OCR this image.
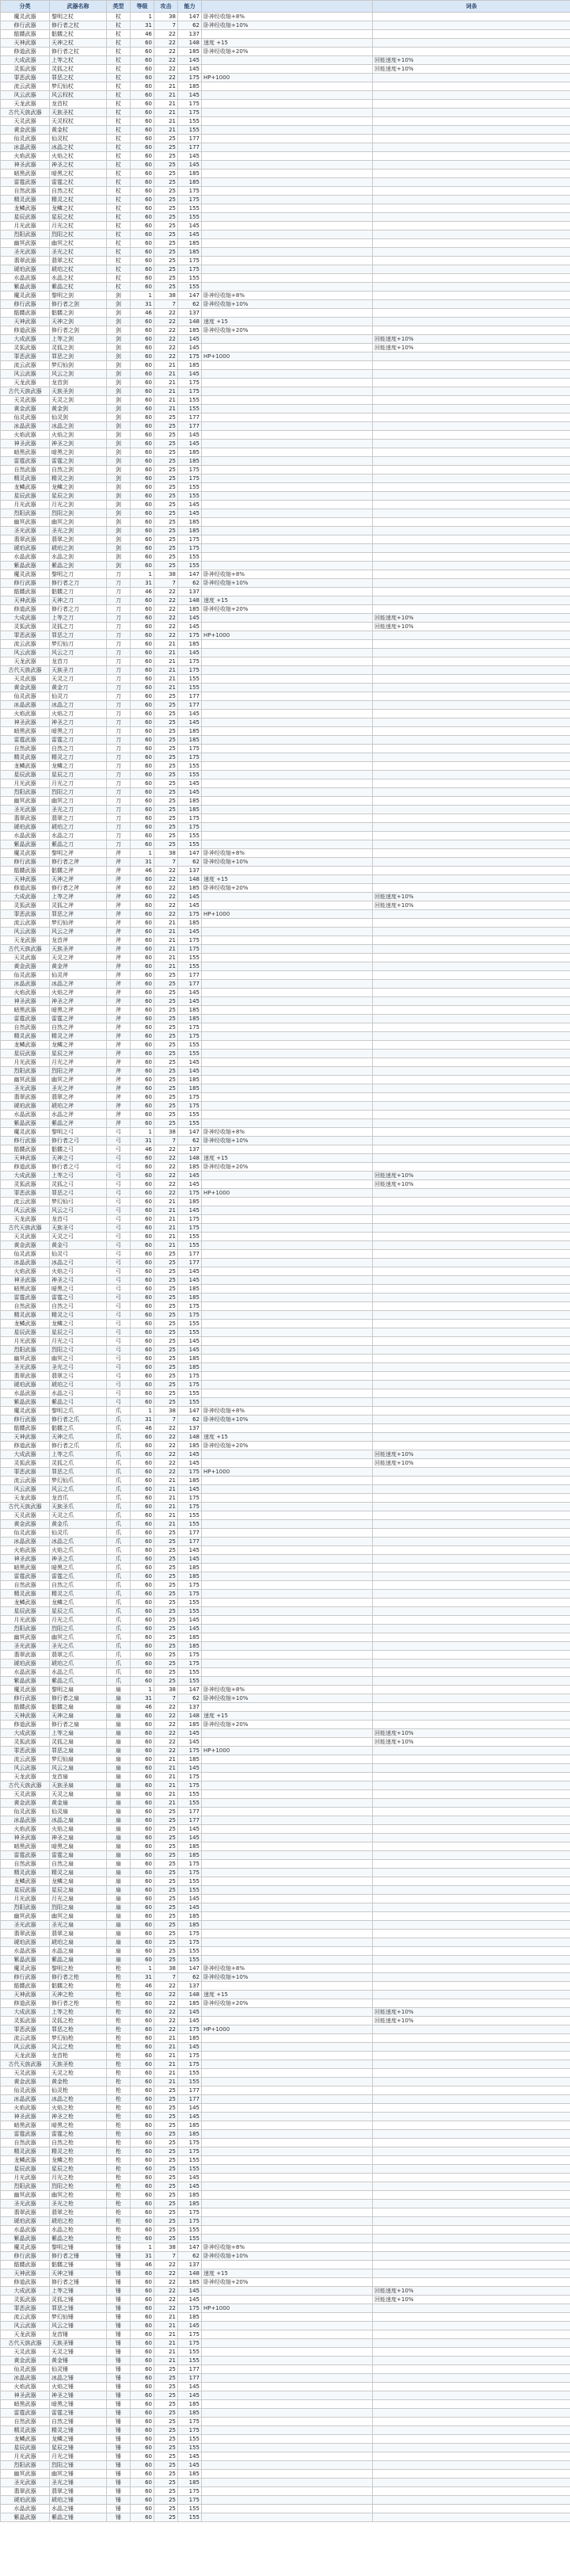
分类	武器名称	类型	等级	攻击	能力		词条
魔灵武器	黎明之杖	杖	1	38	147	卧神经收缩+8%	
修行武器	修行者之杖	杖	31	7	62	卧神经收缩+10%	
骷髅武器	骷髅之杖	杖	46	22	137		
天神武器	天神之杖	杖	60	22	148	速度 +15	
修道武器	修行者之杖	杖	60	22	185	卧神经收缩+20%	
大成武器	上等之杖	杖	60	22	145		回能速度+10%
灵狐武器	灵狐之杖	杖	60	22	145		回能速度+10%
罪恶武器	罪恶之杖	杖	60	22	175	HP+1000	
流云武器	梦幻仙杖	杖	60	21	185		
风云武器	风云权杖	杖	60	21	145		
天龙武器	龙首杖	杖	60	21	175		
古代天族武器	天族圣杖	杖	60	21	175		
天灵武器	天灵权杖	杖	60	21	155		
黄金武器	黄金杖	杖	60	21	155		
仙灵武器	仙灵杖	杖	60	25	177		
冰晶武器	冰晶之杖	杖	60	25	177		
火焰武器	火焰之杖	杖	60	25	145		
神圣武器	神圣之杖	杖	60	25	145		
暗黑武器	暗黑之杖	杖	60	25	185		
雷霆武器	雷霆之杖	杖	60	25	185		
自然武器	自然之杖	杖	60	25	175		
精灵武器	精灵之杖	杖	60	25	175		
龙鳞武器	龙鳞之杖	杖	60	25	155		
星辰武器	星辰之杖	杖	60	25	155		
月光武器	月光之杖	杖	60	25	145		
烈阳武器	烈阳之杖	杖	60	25	145		
幽冥武器	幽冥之杖	杖	60	25	185		
圣光武器	圣光之杖	杖	60	25	185		
翡翠武器	翡翠之杖	杖	60	25	175		
琥珀武器	琥珀之杖	杖	60	25	175		
水晶武器	水晶之杖	杖	60	25	155		
紫晶武器	紫晶之杖	杖	60	25	155		
魔灵武器	黎明之剑	剑	1	38	147	卧神经收缩+8%	
修行武器	修行者之剑	剑	31	7	62	卧神经收缩+10%	
骷髅武器	骷髅之剑	剑	46	22	137		
天神武器	天神之剑	剑	60	22	148	速度 +15	
修道武器	修行者之剑	剑	60	22	185	卧神经收缩+20%	
大成武器	上等之剑	剑	60	22	145		回能速度+10%
灵狐武器	灵狐之剑	剑	60	22	145		回能速度+10%
罪恶武器	罪恶之剑	剑	60	22	175	HP+1000	
流云武器	梦幻仙剑	剑	60	21	185		
风云武器	风云之剑	剑	60	21	145		
天龙武器	龙首剑	剑	60	21	175		
古代天族武器	天族圣剑	剑	60	21	175		
天灵武器	天灵之剑	剑	60	21	155		
黄金武器	黄金剑	剑	60	21	155		
仙灵武器	仙灵剑	剑	60	25	177		
冰晶武器	冰晶之剑	剑	60	25	177		
火焰武器	火焰之剑	剑	60	25	145		
神圣武器	神圣之剑	剑	60	25	145		
暗黑武器	暗黑之剑	剑	60	25	185		
雷霆武器	雷霆之剑	剑	60	25	185		
自然武器	自然之剑	剑	60	25	175		
精灵武器	精灵之剑	剑	60	25	175		
龙鳞武器	龙鳞之剑	剑	60	25	155		
星辰武器	星辰之剑	剑	60	25	155		
月光武器	月光之剑	剑	60	25	145		
烈阳武器	烈阳之剑	剑	60	25	145		
幽冥武器	幽冥之剑	剑	60	25	185		
圣光武器	圣光之剑	剑	60	25	185		
翡翠武器	翡翠之剑	剑	60	25	175		
琥珀武器	琥珀之剑	剑	60	25	175		
水晶武器	水晶之剑	剑	60	25	155		
紫晶武器	紫晶之剑	剑	60	25	155		
魔灵武器	黎明之刀	刀	1	38	147	卧神经收缩+8%	
修行武器	修行者之刀	刀	31	7	62	卧神经收缩+10%	
骷髅武器	骷髅之刀	刀	46	22	137		
天神武器	天神之刀	刀	60	22	148	速度 +15	
修道武器	修行者之刀	刀	60	22	185	卧神经收缩+20%	
大成武器	上等之刀	刀	60	22	145		回能速度+10%
灵狐武器	灵狐之刀	刀	60	22	145		回能速度+10%
罪恶武器	罪恶之刀	刀	60	22	175	HP+1000	
流云武器	梦幻仙刀	刀	60	21	185		
风云武器	风云之刀	刀	60	21	145		
天龙武器	龙首刀	刀	60	21	175		
古代天族武器	天族圣刀	刀	60	21	175		
天灵武器	天灵之刀	刀	60	21	155		
黄金武器	黄金刀	刀	60	21	155		
仙灵武器	仙灵刀	刀	60	25	177		
冰晶武器	冰晶之刀	刀	60	25	177		
火焰武器	火焰之刀	刀	60	25	145		
神圣武器	神圣之刀	刀	60	25	145		
暗黑武器	暗黑之刀	刀	60	25	185		
雷霆武器	雷霆之刀	刀	60	25	185		
自然武器	自然之刀	刀	60	25	175		
精灵武器	精灵之刀	刀	60	25	175		
龙鳞武器	龙鳞之刀	刀	60	25	155		
星辰武器	星辰之刀	刀	60	25	155		
月光武器	月光之刀	刀	60	25	145		
烈阳武器	烈阳之刀	刀	60	25	145		
幽冥武器	幽冥之刀	刀	60	25	185		
圣光武器	圣光之刀	刀	60	25	185		
翡翠武器	翡翠之刀	刀	60	25	175		
琥珀武器	琥珀之刀	刀	60	25	175		
水晶武器	水晶之刀	刀	60	25	155		
紫晶武器	紫晶之刀	刀	60	25	155		
魔灵武器	黎明之斧	斧	1	38	147	卧神经收缩+8%	
修行武器	修行者之斧	斧	31	7	62	卧神经收缩+10%	
骷髅武器	骷髅之斧	斧	46	22	137		
天神武器	天神之斧	斧	60	22	148	速度 +15	
修道武器	修行者之斧	斧	60	22	185	卧神经收缩+20%	
大成武器	上等之斧	斧	60	22	145		回能速度+10%
灵狐武器	灵狐之斧	斧	60	22	145		回能速度+10%
罪恶武器	罪恶之斧	斧	60	22	175	HP+1000	
流云武器	梦幻仙斧	斧	60	21	185		
风云武器	风云之斧	斧	60	21	145		
天龙武器	龙首斧	斧	60	21	175		
古代天族武器	天族圣斧	斧	60	21	175		
天灵武器	天灵之斧	斧	60	21	155		
黄金武器	黄金斧	斧	60	21	155		
仙灵武器	仙灵斧	斧	60	25	177		
冰晶武器	冰晶之斧	斧	60	25	177		
火焰武器	火焰之斧	斧	60	25	145		
神圣武器	神圣之斧	斧	60	25	145		
暗黑武器	暗黑之斧	斧	60	25	185		
雷霆武器	雷霆之斧	斧	60	25	185		
自然武器	自然之斧	斧	60	25	175		
精灵武器	精灵之斧	斧	60	25	175		
龙鳞武器	龙鳞之斧	斧	60	25	155		
星辰武器	星辰之斧	斧	60	25	155		
月光武器	月光之斧	斧	60	25	145		
烈阳武器	烈阳之斧	斧	60	25	145		
幽冥武器	幽冥之斧	斧	60	25	185		
圣光武器	圣光之斧	斧	60	25	185		
翡翠武器	翡翠之斧	斧	60	25	175		
琥珀武器	琥珀之斧	斧	60	25	175		
水晶武器	水晶之斧	斧	60	25	155		
紫晶武器	紫晶之斧	斧	60	25	155		
魔灵武器	黎明之弓	弓	1	38	147	卧神经收缩+8%	
修行武器	修行者之弓	弓	31	7	62	卧神经收缩+10%	
骷髅武器	骷髅之弓	弓	46	22	137		
天神武器	天神之弓	弓	60	22	148	速度 +15	
修道武器	修行者之弓	弓	60	22	185	卧神经收缩+20%	
大成武器	上等之弓	弓	60	22	145		回能速度+10%
灵狐武器	灵狐之弓	弓	60	22	145		回能速度+10%
罪恶武器	罪恶之弓	弓	60	22	175	HP+1000	
流云武器	梦幻仙弓	弓	60	21	185		
风云武器	风云之弓	弓	60	21	145		
天龙武器	龙首弓	弓	60	21	175		
古代天族武器	天族圣弓	弓	60	21	175		
天灵武器	天灵之弓	弓	60	21	155		
黄金武器	黄金弓	弓	60	21	155		
仙灵武器	仙灵弓	弓	60	25	177		
冰晶武器	冰晶之弓	弓	60	25	177		
火焰武器	火焰之弓	弓	60	25	145		
神圣武器	神圣之弓	弓	60	25	145		
暗黑武器	暗黑之弓	弓	60	25	185		
雷霆武器	雷霆之弓	弓	60	25	185		
自然武器	自然之弓	弓	60	25	175		
精灵武器	精灵之弓	弓	60	25	175		
龙鳞武器	龙鳞之弓	弓	60	25	155		
星辰武器	星辰之弓	弓	60	25	155		
月光武器	月光之弓	弓	60	25	145		
烈阳武器	烈阳之弓	弓	60	25	145		
幽冥武器	幽冥之弓	弓	60	25	185		
圣光武器	圣光之弓	弓	60	25	185		
翡翠武器	翡翠之弓	弓	60	25	175		
琥珀武器	琥珀之弓	弓	60	25	175		
水晶武器	水晶之弓	弓	60	25	155		
紫晶武器	紫晶之弓	弓	60	25	155		
魔灵武器	黎明之爪	爪	1	38	147	卧神经收缩+8%	
修行武器	修行者之爪	爪	31	7	62	卧神经收缩+10%	
骷髅武器	骷髅之爪	爪	46	22	137		
天神武器	天神之爪	爪	60	22	148	速度 +15	
修道武器	修行者之爪	爪	60	22	185	卧神经收缩+20%	
大成武器	上等之爪	爪	60	22	145		回能速度+10%
灵狐武器	灵狐之爪	爪	60	22	145		回能速度+10%
罪恶武器	罪恶之爪	爪	60	22	175	HP+1000	
流云武器	梦幻仙爪	爪	60	21	185		
风云武器	风云之爪	爪	60	21	145		
天龙武器	龙首爪	爪	60	21	175		
古代天族武器	天族圣爪	爪	60	21	175		
天灵武器	天灵之爪	爪	60	21	155		
黄金武器	黄金爪	爪	60	21	155		
仙灵武器	仙灵爪	爪	60	25	177		
冰晶武器	冰晶之爪	爪	60	25	177		
火焰武器	火焰之爪	爪	60	25	145		
神圣武器	神圣之爪	爪	60	25	145		
暗黑武器	暗黑之爪	爪	60	25	185		
雷霆武器	雷霆之爪	爪	60	25	185		
自然武器	自然之爪	爪	60	25	175		
精灵武器	精灵之爪	爪	60	25	175		
龙鳞武器	龙鳞之爪	爪	60	25	155		
星辰武器	星辰之爪	爪	60	25	155		
月光武器	月光之爪	爪	60	25	145		
烈阳武器	烈阳之爪	爪	60	25	145		
幽冥武器	幽冥之爪	爪	60	25	185		
圣光武器	圣光之爪	爪	60	25	185		
翡翠武器	翡翠之爪	爪	60	25	175		
琥珀武器	琥珀之爪	爪	60	25	175		
水晶武器	水晶之爪	爪	60	25	155		
紫晶武器	紫晶之爪	爪	60	25	155		
魔灵武器	黎明之扇	扇	1	38	147	卧神经收缩+8%	
修行武器	修行者之扇	扇	31	7	62	卧神经收缩+10%	
骷髅武器	骷髅之扇	扇	46	22	137		
天神武器	天神之扇	扇	60	22	148	速度 +15	
修道武器	修行者之扇	扇	60	22	185	卧神经收缩+20%	
大成武器	上等之扇	扇	60	22	145		回能速度+10%
灵狐武器	灵狐之扇	扇	60	22	145		回能速度+10%
罪恶武器	罪恶之扇	扇	60	22	175	HP+1000	
流云武器	梦幻仙扇	扇	60	21	185		
风云武器	风云之扇	扇	60	21	145		
天龙武器	龙首扇	扇	60	21	175		
古代天族武器	天族圣扇	扇	60	21	175		
天灵武器	天灵之扇	扇	60	21	155		
黄金武器	黄金扇	扇	60	21	155		
仙灵武器	仙灵扇	扇	60	25	177		
冰晶武器	冰晶之扇	扇	60	25	177		
火焰武器	火焰之扇	扇	60	25	145		
神圣武器	神圣之扇	扇	60	25	145		
暗黑武器	暗黑之扇	扇	60	25	185		
雷霆武器	雷霆之扇	扇	60	25	185		
自然武器	自然之扇	扇	60	25	175		
精灵武器	精灵之扇	扇	60	25	175		
龙鳞武器	龙鳞之扇	扇	60	25	155		
星辰武器	星辰之扇	扇	60	25	155		
月光武器	月光之扇	扇	60	25	145		
烈阳武器	烈阳之扇	扇	60	25	145		
幽冥武器	幽冥之扇	扇	60	25	185		
圣光武器	圣光之扇	扇	60	25	185		
翡翠武器	翡翠之扇	扇	60	25	175		
琥珀武器	琥珀之扇	扇	60	25	175		
水晶武器	水晶之扇	扇	60	25	155		
紫晶武器	紫晶之扇	扇	60	25	155		
魔灵武器	黎明之枪	枪	1	38	147	卧神经收缩+8%	
修行武器	修行者之枪	枪	31	7	62	卧神经收缩+10%	
骷髅武器	骷髅之枪	枪	46	22	137		
天神武器	天神之枪	枪	60	22	148	速度 +15	
修道武器	修行者之枪	枪	60	22	185	卧神经收缩+20%	
大成武器	上等之枪	枪	60	22	145		回能速度+10%
灵狐武器	灵狐之枪	枪	60	22	145		回能速度+10%
罪恶武器	罪恶之枪	枪	60	22	175	HP+1000	
流云武器	梦幻仙枪	枪	60	21	185		
风云武器	风云之枪	枪	60	21	145		
天龙武器	龙首枪	枪	60	21	175		
古代天族武器	天族圣枪	枪	60	21	175		
天灵武器	天灵之枪	枪	60	21	155		
黄金武器	黄金枪	枪	60	21	155		
仙灵武器	仙灵枪	枪	60	25	177		
冰晶武器	冰晶之枪	枪	60	25	177		
火焰武器	火焰之枪	枪	60	25	145		
神圣武器	神圣之枪	枪	60	25	145		
暗黑武器	暗黑之枪	枪	60	25	185		
雷霆武器	雷霆之枪	枪	60	25	185		
自然武器	自然之枪	枪	60	25	175		
精灵武器	精灵之枪	枪	60	25	175		
龙鳞武器	龙鳞之枪	枪	60	25	155		
星辰武器	星辰之枪	枪	60	25	155		
月光武器	月光之枪	枪	60	25	145		
烈阳武器	烈阳之枪	枪	60	25	145		
幽冥武器	幽冥之枪	枪	60	25	185		
圣光武器	圣光之枪	枪	60	25	185		
翡翠武器	翡翠之枪	枪	60	25	175		
琥珀武器	琥珀之枪	枪	60	25	175		
水晶武器	水晶之枪	枪	60	25	155		
紫晶武器	紫晶之枪	枪	60	25	155		
魔灵武器	黎明之锤	锤	1	38	147	卧神经收缩+8%	
修行武器	修行者之锤	锤	31	7	62	卧神经收缩+10%	
骷髅武器	骷髅之锤	锤	46	22	137		
天神武器	天神之锤	锤	60	22	148	速度 +15	
修道武器	修行者之锤	锤	60	22	185	卧神经收缩+20%	
大成武器	上等之锤	锤	60	22	145		回能速度+10%
灵狐武器	灵狐之锤	锤	60	22	145		回能速度+10%
罪恶武器	罪恶之锤	锤	60	22	175	HP+1000	
流云武器	梦幻仙锤	锤	60	21	185		
风云武器	风云之锤	锤	60	21	145		
天龙武器	龙首锤	锤	60	21	175		
古代天族武器	天族圣锤	锤	60	21	175		
天灵武器	天灵之锤	锤	60	21	155		
黄金武器	黄金锤	锤	60	21	155		
仙灵武器	仙灵锤	锤	60	25	177		
冰晶武器	冰晶之锤	锤	60	25	177		
火焰武器	火焰之锤	锤	60	25	145		
神圣武器	神圣之锤	锤	60	25	145		
暗黑武器	暗黑之锤	锤	60	25	185		
雷霆武器	雷霆之锤	锤	60	25	185		
自然武器	自然之锤	锤	60	25	175		
精灵武器	精灵之锤	锤	60	25	175		
龙鳞武器	龙鳞之锤	锤	60	25	155		
星辰武器	星辰之锤	锤	60	25	155		
月光武器	月光之锤	锤	60	25	145		
烈阳武器	烈阳之锤	锤	60	25	145		
幽冥武器	幽冥之锤	锤	60	25	185		
圣光武器	圣光之锤	锤	60	25	185		
翡翠武器	翡翠之锤	锤	60	25	175		
琥珀武器	琥珀之锤	锤	60	25	175		
水晶武器	水晶之锤	锤	60	25	155		
紫晶武器	紫晶之锤	锤	60	25	155		
